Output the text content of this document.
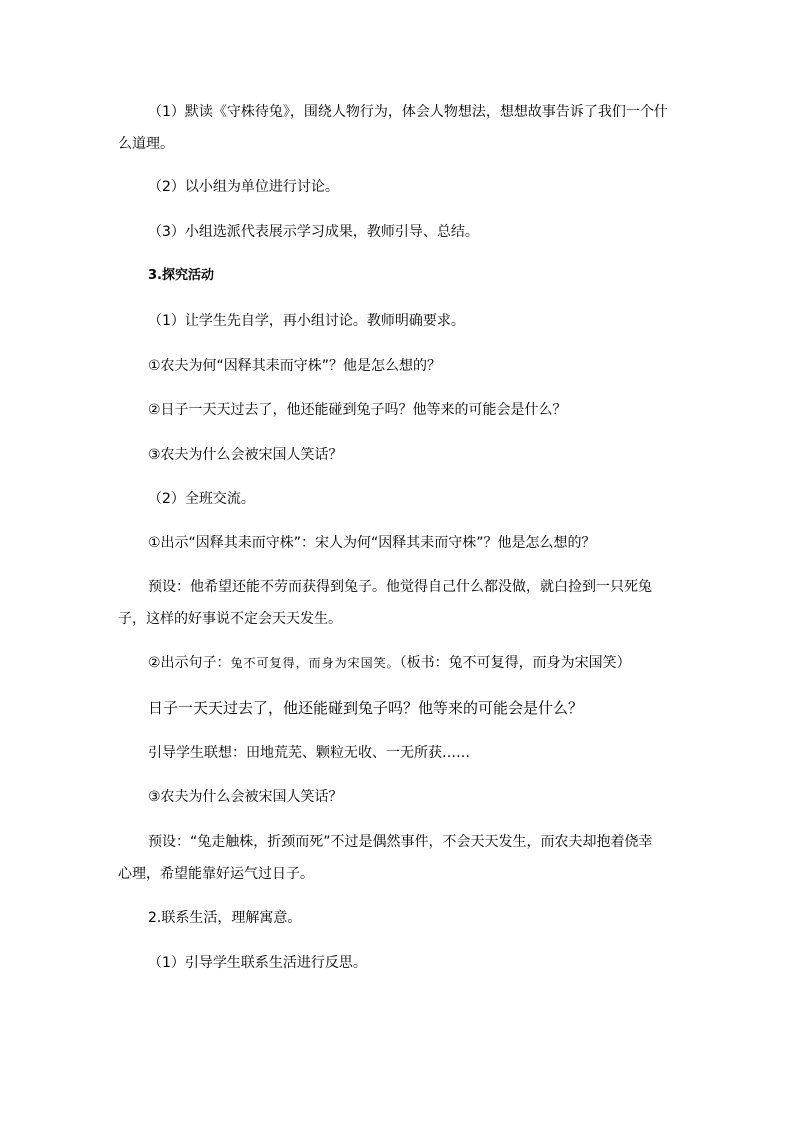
（1）默读《守株待兔》，围绕人物行为，体会人物想法，想想故事告诉了我们一个什
么道理。
（2）以小组为单位进行讨论。
（3）小组选派代表展示学习成果，教师引导、总结。
3.探究活动
（1）让学生先自学，再小组讨论。教师明确要求。
①农夫为何“因释其耒而守株”？他是怎么想的？
②日子一天天过去了，他还能碰到兔子吗？他等来的可能会是什么？
③农夫为什么会被宋国人笑话？
（2）全班交流。
①出示“因释其耒而守株”：宋人为何“因释其耒而守株”？他是怎么想的？
预设：他希望还能不劳而获得到兔子。他觉得自己什么都没做，就白捡到一只死兔
子，这样的好事说不定会天天发生。
②出示句子：兔不可复得，而身为宋国笑。（板书：兔不可复得，而身为宋国笑）
日子一天天过去了，他还能碰到兔子吗？他等来的可能会是什么？
引导学生联想：田地荒芜、颗粒无收、一无所获……
③农夫为什么会被宋国人笑话？
预设：“兔走触株，折颈而死”不过是偶然事件，不会天天发生，而农夫却抱着侥幸
心理，希望能靠好运气过日子。
2.联系生活，理解寓意。
（1）引导学生联系生活进行反思。
